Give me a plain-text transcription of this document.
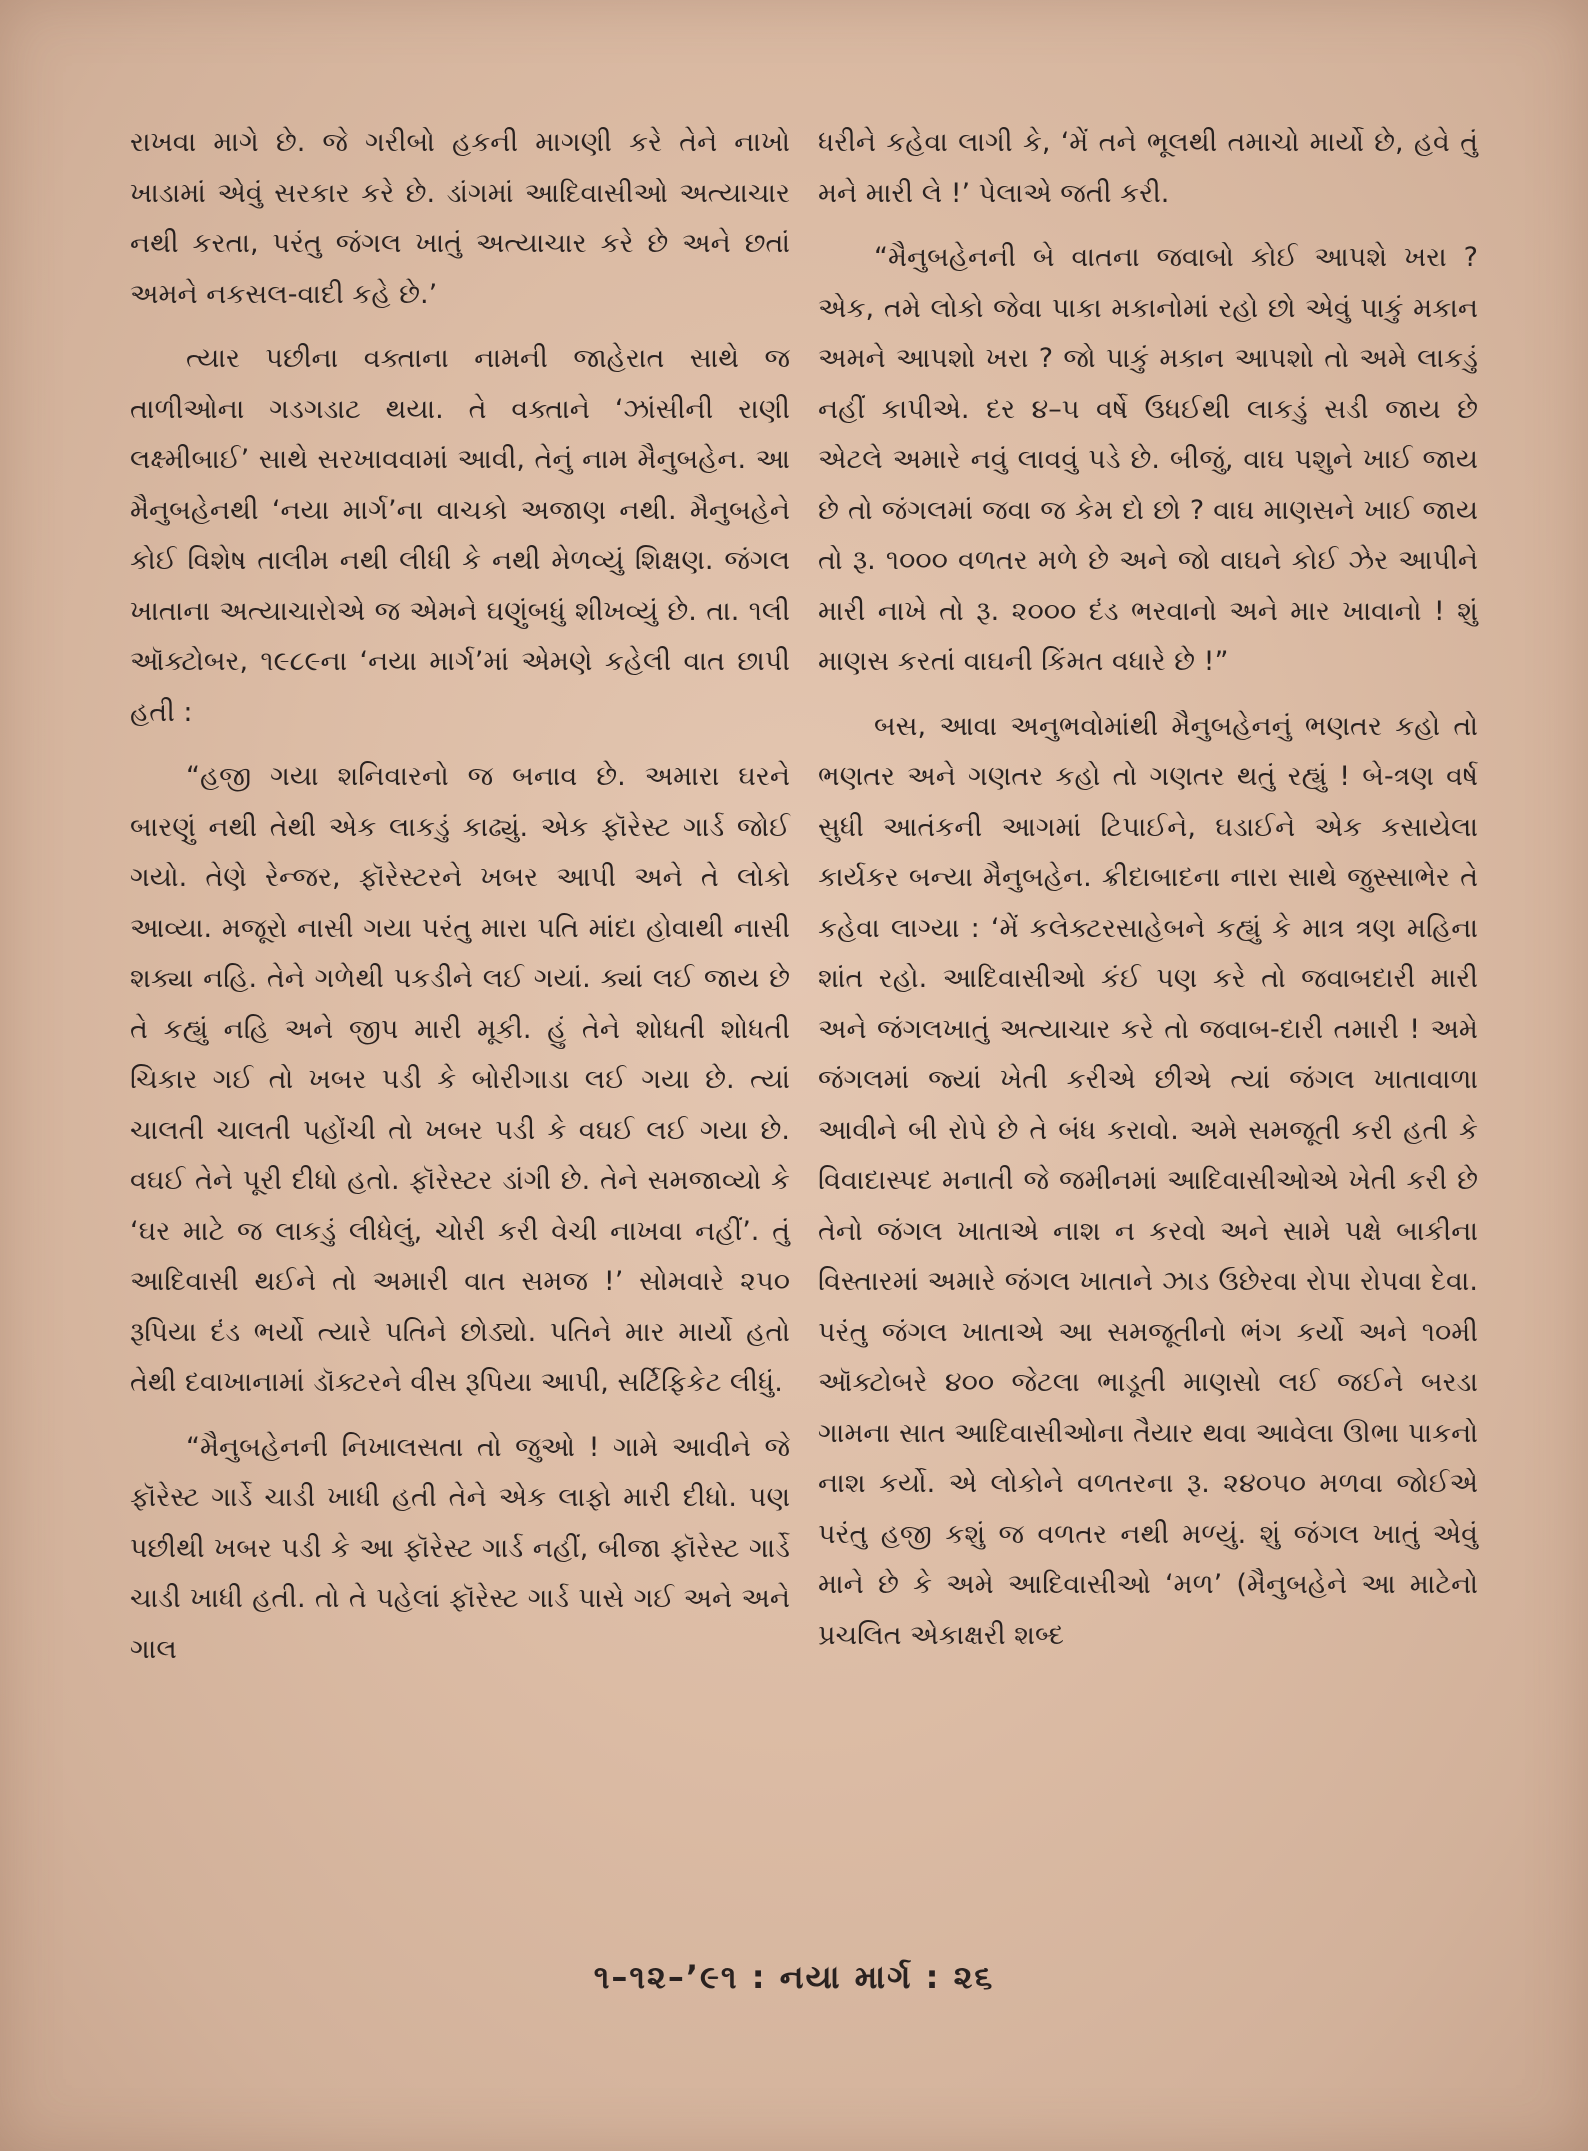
રાખવા માગે છે. જે ગરીબો હકની માગણી કરે તેને નાખો ખાડામાં એવું સરકાર કરે છે. ડાંગમાં આદિવાસીઓ અત્યાચાર નથી કરતા, પરંતુ જંગલ ખાતું અત્યાચાર કરે છે અને છતાં અમને નકસલ-વાદી કહે છે.’

ત્યાર પછીના વક્તાના નામની જાહેરાત સાથે જ તાળીઓના ગડગડાટ થયા. તે વક્તાને ‘ઝાંસીની રાણી લક્ષ્મીબાઈ’ સાથે સરખાવવામાં આવી, તેનું નામ મૈનુબહેન. આ મૈનુબહેનથી ‘નયા માર્ગ’ના વાચકો અજાણ નથી. મૈનુબહેને કોઈ વિશેષ તાલીમ નથી લીધી કે નથી મેળવ્યું શિક્ષણ. જંગલ ખાતાના અત્યાચારોએ જ એમને ઘણુંબધું શીખવ્યું છે. તા. ૧લી ઑક્ટોબર, ૧૯૮૯ના ‘નયા માર્ગ’માં એમણે કહેલી વાત છાપી હતી :

“હજી ગયા શનિવારનો જ બનાવ છે. અમારા ઘરને બારણું નથી તેથી એક લાકડું કાઢ્યું. એક ફૉરેસ્ટ ગાર્ડ જોઈ ગયો. તેણે રેન્જર, ફૉરેસ્ટરને ખબર આપી અને તે લોકો આવ્યા. મજૂરો નાસી ગયા પરંતુ મારા પતિ માંદા હોવાથી નાસી શક્યા નહિ. તેને ગળેથી પકડીને લઈ ગયાં. ક્યાં લઈ જાય છે તે કહ્યું નહિ અને જીપ મારી મૂકી. હું તેને શોધતી શોધતી ચિકાર ગઈ તો ખબર પડી કે બોરીગાડા લઈ ગયા છે. ત્યાં ચાલતી ચાલતી પહોંચી તો ખબર પડી કે વઘઈ લઈ ગયા છે. વઘઈ તેને પૂરી દીધો હતો. ફૉરેસ્ટર ડાંગી છે. તેને સમજાવ્યો કે ‘ઘર માટે જ લાકડું લીધેલું, ચોરી કરી વેચી નાખવા નહીં’. તું આદિવાસી થઈને તો અમારી વાત સમજ !’ સોમવારે ૨૫૦ રૂપિયા દંડ ભર્યો ત્યારે પતિને છોડ્યો. પતિને માર માર્યો હતો તેથી દવાખાનામાં ડૉક્ટરને વીસ રૂપિયા આપી, સર્ટિફિકેટ લીધું.

“મૈનુબહેનની નિખાલસતા તો જુઓ ! ગામે આવીને જે ફૉરેસ્ટ ગાર્ડે ચાડી ખાધી હતી તેને એક લાફો મારી દીધો. પણ પછીથી ખબર પડી કે આ ફૉરેસ્ટ ગાર્ડ નહીં, બીજા ફૉરેસ્ટ ગાર્ડે ચાડી ખાધી હતી. તો તે પહેલાં ફૉરેસ્ટ ગાર્ડ પાસે ગઈ અને અને ગાલ

ધરીને કહેવા લાગી કે, ‘મેં તને ભૂલથી તમાચો માર્યો છે, હવે તું મને મારી લે !’ પેલાએ જતી કરી.

“મૈનુબહેનની બે વાતના જવાબો કોઈ આપશે ખરા ? એક, તમે લોકો જેવા પાકા મકાનોમાં રહો છો એવું પાકું મકાન અમને આપશો ખરા ? જો પાકું મકાન આપશો તો અમે લાકડું નહીં કાપીએ. દર ૪–૫ વર્ષે ઉધઈથી લાકડું સડી જાય છે એટલે અમારે નવું લાવવું પડે છે. બીજું, વાઘ પશુને ખાઈ જાય છે તો જંગલમાં જવા જ કેમ દો છો ? વાઘ માણસને ખાઈ જાય તો રૂ. ૧૦૦૦ વળતર મળે છે અને જો વાઘને કોઈ ઝેર આપીને મારી નાખે તો રૂ. ૨૦૦૦ દંડ ભરવાનો અને માર ખાવાનો ! શું માણસ કરતાં વાઘની કિંમત વધારે છે !”

બસ, આવા અનુભવોમાંથી મૈનુબહેનનું ભણતર કહો તો ભણતર અને ગણતર કહો તો ગણતર થતું રહ્યું ! બે-ત્રણ વર્ષ સુધી આતંકની આગમાં ટિપાઈને, ઘડાઈને એક કસાયેલા કાર્યકર બન્યા મૈનુબહેન. ક્રીદાબાદના નારા સાથે જુસ્સાભેર તે કહેવા લાગ્યા : ‘મેં કલેક્ટરસાહેબને કહ્યું કે માત્ર ત્રણ મહિના શાંત રહો. આદિવાસીઓ કંઈ પણ કરે તો જવાબદારી મારી અને જંગલખાતું અત્યાચાર કરે તો જવાબ-દારી તમારી ! અમે જંગલમાં જ્યાં ખેતી કરીએ છીએ ત્યાં જંગલ ખાતાવાળા આવીને બી રોપે છે તે બંધ કરાવો. અમે સમજૂતી કરી હતી કે વિવાદાસ્પદ મનાતી જે જમીનમાં આદિવાસીઓએ ખેતી કરી છે તેનો જંગલ ખાતાએ નાશ ન કરવો અને સામે પક્ષે બાકીના વિસ્તારમાં અમારે જંગલ ખાતાને ઝાડ ઉછેરવા રોપા રોપવા દેવા. પરંતુ જંગલ ખાતાએ આ સમજૂતીનો ભંગ કર્યો અને ૧૦મી ઑક્ટોબરે ૪૦૦ જેટલા ભાડૂતી માણસો લઈ જઈને બરડા ગામના સાત આદિવાસીઓના તૈયાર થવા આવેલા ઊભા પાકનો નાશ કર્યો. એ લોકોને વળતરના રૂ. ૨૪૦૫૦ મળવા જોઈએ પરંતુ હજી કશું જ વળતર નથી મળ્યું. શું જંગલ ખાતું એવું માને છે કે અમે આદિવાસીઓ ‘મળ’ (મૈનુબહેને આ માટેનો પ્રચલિત એકાક્ષરી શબ્દ

૧–૧૨–’૯૧ : નયા માર્ગ : ૨૬
